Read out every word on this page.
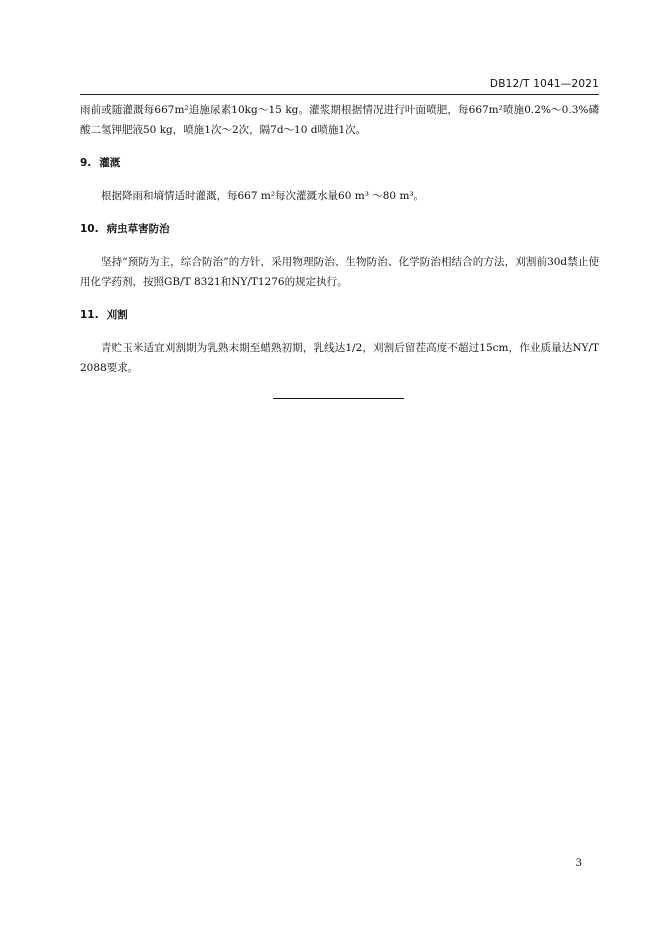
DB12/T 1041—2021

雨前或随灌溉每667m²追施尿素10kg～15 kg。灌浆期根据情况进行叶面喷肥，每667m²喷施0.2%～0.3%磷酸二氢钾肥液50 kg，喷施1次～2次，隔7d～10 d喷施1次。

9. 灌溉

根据降雨和墒情适时灌溉，每667 m²每次灌溉水量60 m³ ～80 m³。

10. 病虫草害防治

坚持“预防为主，综合防治”的方针，采用物理防治、生物防治、化学防治相结合的方法，刈割前30d禁止使用化学药剂，按照GB/T 8321和NY/T1276的规定执行。

11. 刈割

青贮玉米适宜刈割期为乳熟末期至蜡熟初期，乳线达1/2，刈割后留茬高度不超过15cm，作业质量达NY/T 2088要求。

3
